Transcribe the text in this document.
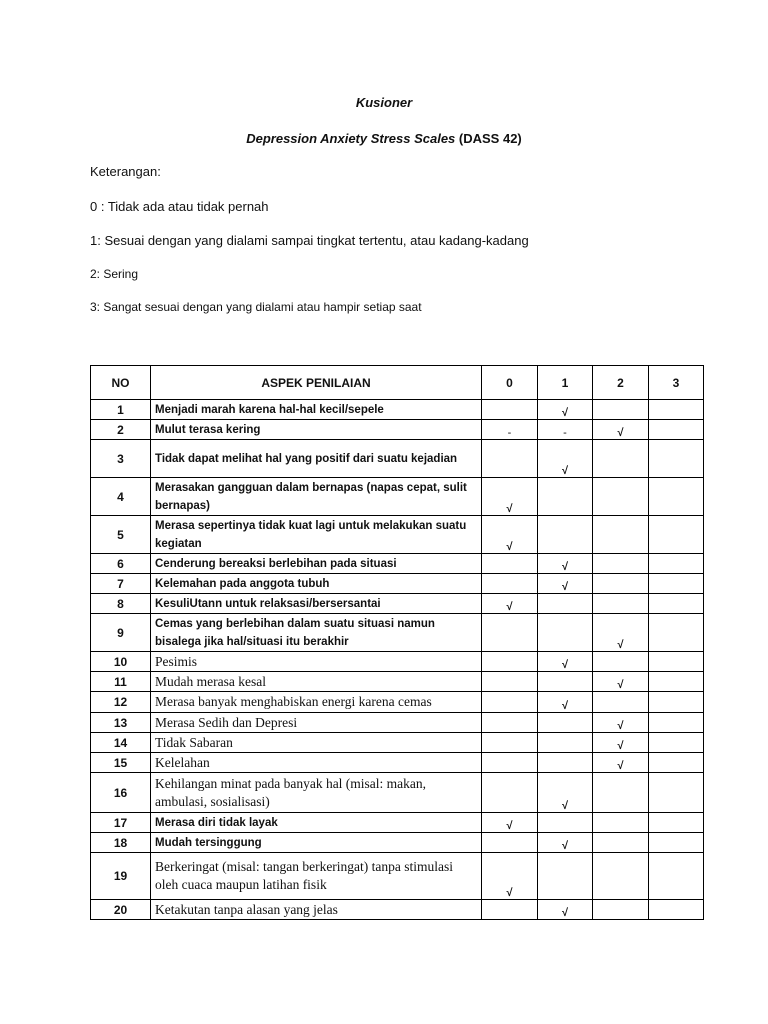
Kusioner
Depression Anxiety Stress Scales (DASS 42)
Keterangan:
0 : Tidak ada atau tidak pernah
1: Sesuai dengan yang dialami sampai tingkat tertentu, atau kadang-kadang
2: Sering
3: Sangat sesuai dengan yang dialami atau hampir setiap saat
NO	ASPEK PENILAIAN	0	1	2	3
1	Menjadi marah karena hal-hal kecil/sepele		√		
2	Mulut terasa kering	-	-	√	
3	Tidak dapat melihat hal yang positif dari suatu kejadian		√		
4	Merasakan gangguan dalam bernapas (napas cepat, sulit bernapas)	√			
5	Merasa sepertinya tidak kuat lagi untuk melakukan suatu kegiatan	√			
6	Cenderung bereaksi berlebihan pada situasi		√		
7	Kelemahan pada anggota tubuh		√		
8	KesuliUtann untuk relaksasi/bersersantai	√			
9	Cemas yang berlebihan dalam suatu situasi namun bisalega jika hal/situasi itu berakhir			√	
10	Pesimis		√		
11	Mudah merasa kesal			√	
12	Merasa banyak menghabiskan energi karena cemas		√		
13	Merasa Sedih dan Depresi			√	
14	Tidak Sabaran			√	
15	Kelelahan			√	
16	Kehilangan minat pada banyak hal (misal: makan, ambulasi, sosialisasi)		√		
17	Merasa diri tidak layak	√			
18	Mudah tersinggung		√		
19	Berkeringat (misal: tangan berkeringat) tanpa stimulasi oleh cuaca maupun latihan fisik	√			
20	Ketakutan tanpa alasan yang jelas		√		
